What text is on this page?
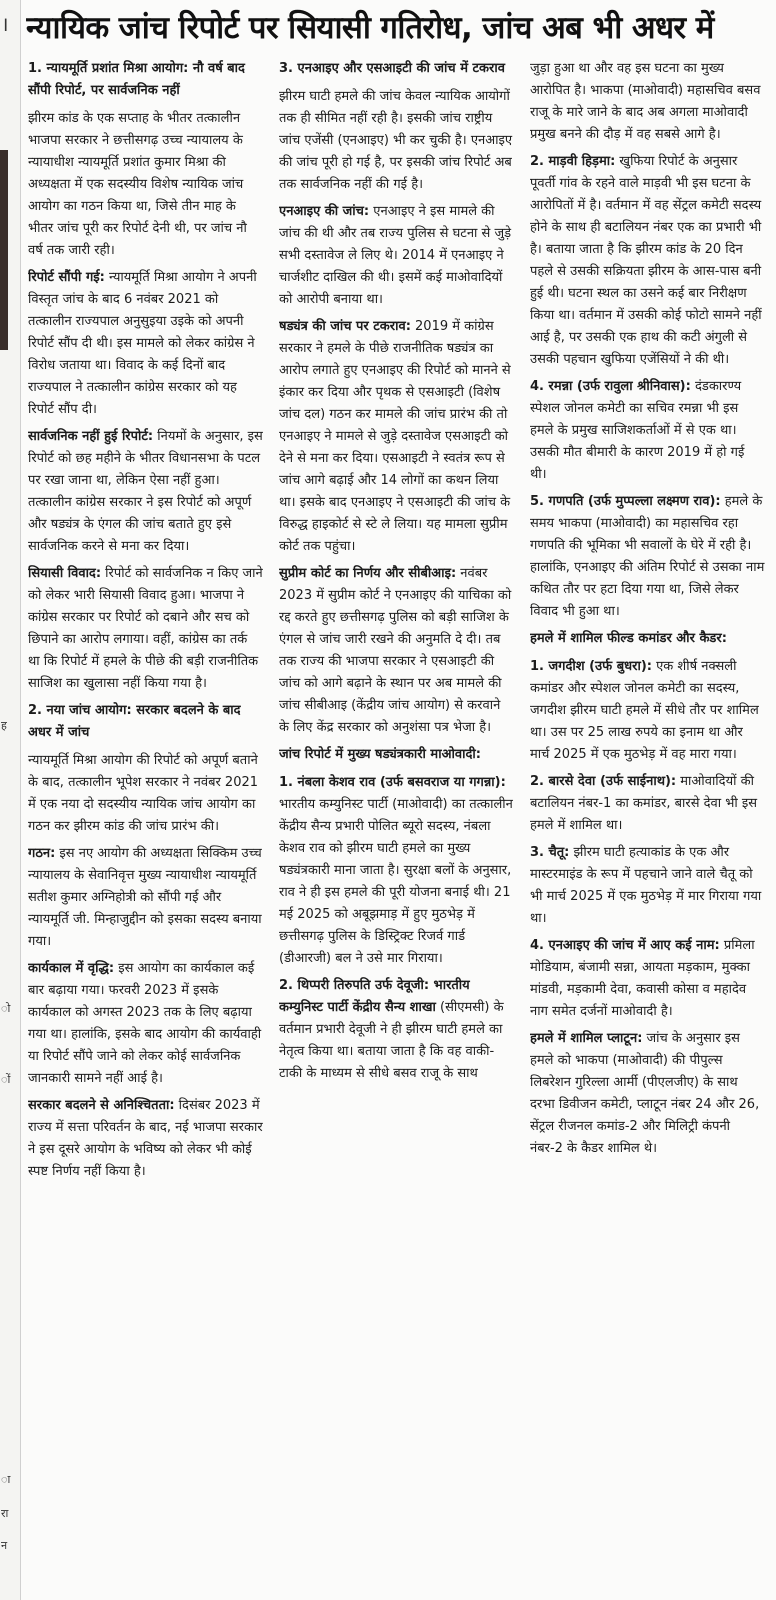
।
ह
ो
ों
ा
रा
न
न्यायिक जांच रिपोर्ट पर सियासी गतिरोध, जांच अब भी अधर में
1. न्यायमूर्ति प्रशांत मिश्रा आयोग: नौ वर्ष बाद सौंपी रिपोर्ट, पर सार्वजनिक नहीं

झीरम कांड के एक सप्ताह के भीतर तत्कालीन भाजपा सरकार ने छत्तीसगढ़ उच्च न्यायालय के न्यायाधीश न्यायमूर्ति प्रशांत कुमार मिश्रा की अध्यक्षता में एक सदस्यीय विशेष न्यायिक जांच आयोग का गठन किया था, जिसे तीन माह के भीतर जांच पूरी कर रिपोर्ट देनी थी, पर जांच नौ वर्ष तक जारी रही।

रिपोर्ट सौंपी गई: न्यायमूर्ति मिश्रा आयोग ने अपनी विस्तृत जांच के बाद 6 नवंबर 2021 को तत्कालीन राज्यपाल अनुसुइया उइके को अपनी रिपोर्ट सौंप दी थी। इस मामले को लेकर कांग्रेस ने विरोध जताया था। विवाद के कई दिनों बाद राज्यपाल ने तत्कालीन कांग्रेस सरकार को यह रिपोर्ट सौंप दी।

सार्वजनिक नहीं हुई रिपोर्ट: नियमों के अनुसार, इस रिपोर्ट को छह महीने के भीतर विधानसभा के पटल पर रखा जाना था, लेकिन ऐसा नहीं हुआ। तत्कालीन कांग्रेस सरकार ने इस रिपोर्ट को अपूर्ण और षड्यंत्र के एंगल की जांच बताते हुए इसे सार्वजनिक करने से मना कर दिया।

सियासी विवाद: रिपोर्ट को सार्वजनिक न किए जाने को लेकर भारी सियासी विवाद हुआ। भाजपा ने कांग्रेस सरकार पर रिपोर्ट को दबाने और सच को छिपाने का आरोप लगाया। वहीं, कांग्रेस का तर्क था कि रिपोर्ट में हमले के पीछे की बड़ी राजनीतिक साजिश का खुलासा नहीं किया गया है।

2. नया जांच आयोग: सरकार बदलने के बाद अधर में जांच

न्यायमूर्ति मिश्रा आयोग की रिपोर्ट को अपूर्ण बताने के बाद, तत्कालीन भूपेश सरकार ने नवंबर 2021 में एक नया दो सदस्यीय न्यायिक जांच आयोग का गठन कर झीरम कांड की जांच प्रारंभ की।

गठन: इस नए आयोग की अध्यक्षता सिक्किम उच्च न्यायालय के सेवानिवृत्त मुख्य न्यायाधीश न्यायमूर्ति सतीश कुमार अग्निहोत्री को सौंपी गई और न्यायमूर्ति जी. मिन्हाजुद्दीन को इसका सदस्य बनाया गया।

कार्यकाल में वृद्धि: इस आयोग का कार्यकाल कई बार बढ़ाया गया। फरवरी 2023 में इसके कार्यकाल को अगस्त 2023 तक के लिए बढ़ाया गया था। हालांकि, इसके बाद आयोग की कार्यवाही या रिपोर्ट सौंपे जाने को लेकर कोई सार्वजनिक जानकारी सामने नहीं आई है।

सरकार बदलने से अनिश्चितता: दिसंबर 2023 में राज्य में सत्ता परिवर्तन के बाद, नई भाजपा सरकार ने इस दूसरे आयोग के भविष्य को लेकर भी कोई स्पष्ट निर्णय नहीं किया है।

3. एनआइए और एसआइटी की जांच में टकराव

झीरम घाटी हमले की जांच केवल न्यायिक आयोगों तक ही सीमित नहीं रही है। इसकी जांच राष्ट्रीय जांच एजेंसी (एनआइए) भी कर चुकी है। एनआइए की जांच पूरी हो गई है, पर इसकी जांच रिपोर्ट अब तक सार्वजनिक नहीं की गई है।

एनआइए की जांच: एनआइए ने इस मामले की जांच की थी और तब राज्य पुलिस से घटना से जुड़े सभी दस्तावेज ले लिए थे। 2014 में एनआइए ने चार्जशीट दाखिल की थी। इसमें कई माओवादियों को आरोपी बनाया था।

षड्यंत्र की जांच पर टकराव: 2019 में कांग्रेस सरकार ने हमले के पीछे राजनीतिक षड्यंत्र का आरोप लगाते हुए एनआइए की रिपोर्ट को मानने से इंकार कर दिया और पृथक से एसआइटी (विशेष जांच दल) गठन कर मामले की जांच प्रारंभ की तो एनआइए ने मामले से जुड़े दस्तावेज एसआइटी को देने से मना कर दिया। एसआइटी ने स्वतंत्र रूप से जांच आगे बढ़ाई और 14 लोगों का कथन लिया था। इसके बाद एनआइए ने एसआइटी की जांच के विरुद्ध हाइकोर्ट से स्टे ले लिया। यह मामला सुप्रीम कोर्ट तक पहुंचा।

सुप्रीम कोर्ट का निर्णय और सीबीआइ: नवंबर 2023 में सुप्रीम कोर्ट ने एनआइए की याचिका को रद्द करते हुए छत्तीसगढ़ पुलिस को बड़ी साजिश के एंगल से जांच जारी रखने की अनुमति दे दी। तब तक राज्य की भाजपा सरकार ने एसआइटी की जांच को आगे बढ़ाने के स्थान पर अब मामले की जांच सीबीआइ (केंद्रीय जांच आयोग) से करवाने के लिए केंद्र सरकार को अनुशंसा पत्र भेजा है।

जांच रिपोर्ट में मुख्य षड्यंत्रकारी माओवादी:

1. नंबला केशव राव (उर्फ बसवराज या गगन्ना): भारतीय कम्युनिस्ट पार्टी (माओवादी) का तत्कालीन केंद्रीय सैन्य प्रभारी पोलित ब्यूरो सदस्य, नंबला केशव राव को झीरम घाटी हमले का मुख्य षड्यंत्रकारी माना जाता है। सुरक्षा बलों के अनुसार, राव ने ही इस हमले की पूरी योजना बनाई थी। 21 मई 2025 को अबूझमाड़ में हुए मुठभेड़ में छत्तीसगढ़ पुलिस के डिस्ट्रिक्ट रिजर्व गार्ड (डीआरजी) बल ने उसे मार गिराया।

2. थिप्परी तिरुपति उर्फ देवूजी: भारतीय कम्युनिस्ट पार्टी केंद्रीय सैन्य शाखा (सीएमसी) के वर्तमान प्रभारी देवूजी ने ही झीरम घाटी हमले का नेतृत्व किया था। बताया जाता है कि वह वाकी-टाकी के माध्यम से सीधे बसव राजू के साथ

जुड़ा हुआ था और वह इस घटना का मुख्य आरोपित है। भाकपा (माओवादी) महासचिव बसव राजू के मारे जाने के बाद अब अगला माओवादी प्रमुख बनने की दौड़ में वह सबसे आगे है।

2. माड़वी हिड़मा: खुफिया रिपोर्ट के अनुसार पूवर्ती गांव के रहने वाले माड़वी भी इस घटना के आरोपितों में है। वर्तमान में वह सेंट्रल कमेटी सदस्य होने के साथ ही बटालियन नंबर एक का प्रभारी भी है। बताया जाता है कि झीरम कांड के 20 दिन पहले से उसकी सक्रियता झीरम के आस-पास बनी हुई थी। घटना स्थल का उसने कई बार निरीक्षण किया था। वर्तमान में उसकी कोई फोटो सामने नहीं आई है, पर उसकी एक हाथ की कटी अंगुली से उसकी पहचान खुफिया एजेंसियों ने की थी।

4. रमन्ना (उर्फ रावुला श्रीनिवास): दंडकारण्य स्पेशल जोनल कमेटी का सचिव रमन्ना भी इस हमले के प्रमुख साजिशकर्ताओं में से एक था। उसकी मौत बीमारी के कारण 2019 में हो गई थी।

5. गणपति (उर्फ मुप्पल्ला लक्ष्मण राव): हमले के समय भाकपा (माओवादी) का महासचिव रहा गणपति की भूमिका भी सवालों के घेरे में रही है। हालांकि, एनआइए की अंतिम रिपोर्ट से उसका नाम कथित तौर पर हटा दिया गया था, जिसे लेकर विवाद भी हुआ था।

हमले में शामिल फील्ड कमांडर और कैडर:

1. जगदीश (उर्फ बुधरा): एक शीर्ष नक्सली कमांडर और स्पेशल जोनल कमेटी का सदस्य, जगदीश झीरम घाटी हमले में सीधे तौर पर शामिल था। उस पर 25 लाख रुपये का इनाम था और मार्च 2025 में एक मुठभेड़ में वह मारा गया।

2. बारसे देवा (उर्फ साईनाथ): माओवादियों की बटालियन नंबर-1 का कमांडर, बारसे देवा भी इस हमले में शामिल था।

3. चैतू: झीरम घाटी हत्याकांड के एक और मास्टरमाइंड के रूप में पहचाने जाने वाले चैतू को भी मार्च 2025 में एक मुठभेड़ में मार गिराया गया था।

4. एनआइए की जांच में आए कई नाम: प्रमिला मोडियाम, बंजामी सन्ना, आयता मड़काम, मुक्का मांडवी, मड़कामी देवा, कवासी कोसा व महादेव नाग समेत दर्जनों माओवादी है।

हमले में शामिल प्लाटून: जांच के अनुसार इस हमले को भाकपा (माओवादी) की पीपुल्स लिबरेशन गुरिल्ला आर्मी (पीएलजीए) के साथ दरभा डिवीजन कमेटी, प्लाटून नंबर 24 और 26, सेंट्रल रीजनल कमांड-2 और मिलिट्री कंपनी नंबर-2 के कैडर शामिल थे।
